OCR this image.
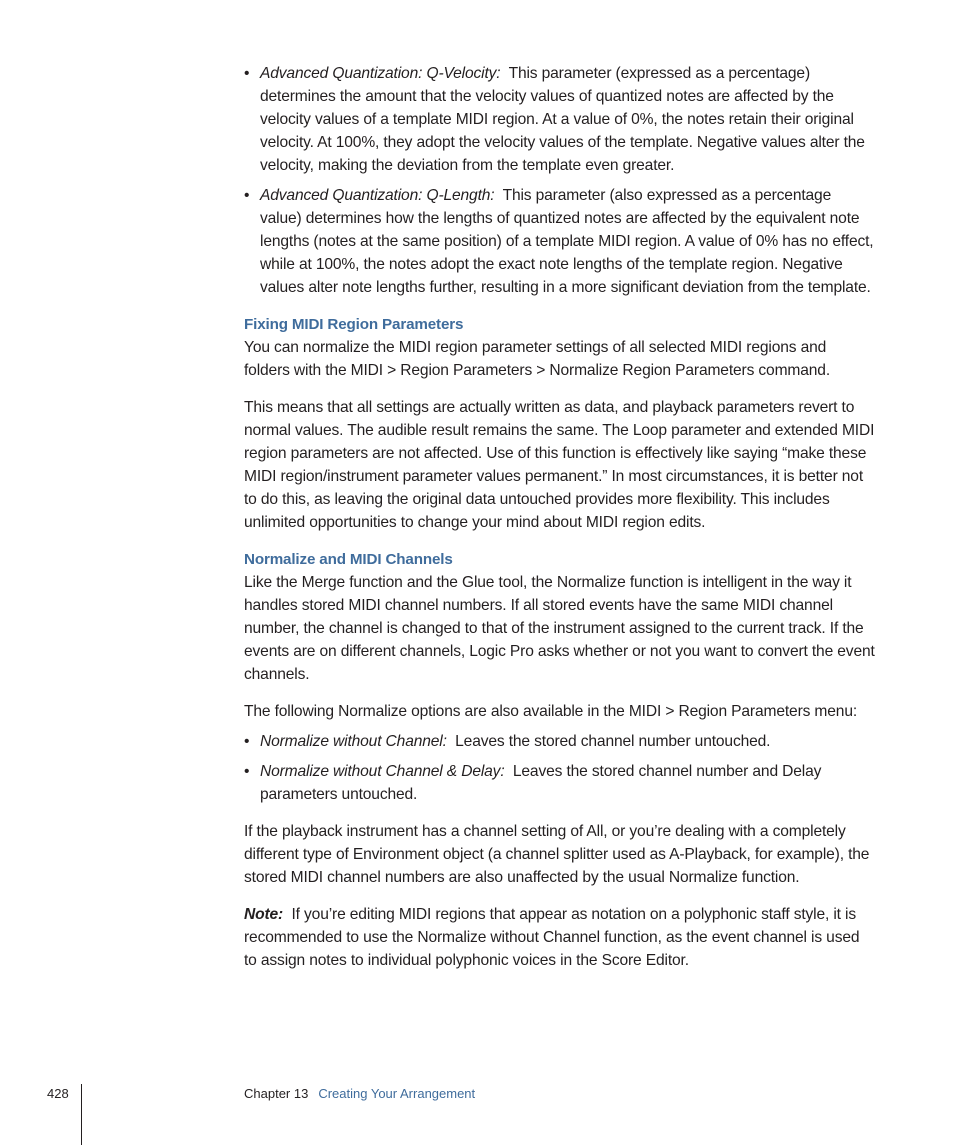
• Advanced Quantization: Q-Velocity: This parameter (expressed as a percentage) determines the amount that the velocity values of quantized notes are affected by the velocity values of a template MIDI region. At a value of 0%, the notes retain their original velocity. At 100%, they adopt the velocity values of the template. Negative values alter the velocity, making the deviation from the template even greater.
• Advanced Quantization: Q-Length: This parameter (also expressed as a percentage value) determines how the lengths of quantized notes are affected by the equivalent note lengths (notes at the same position) of a template MIDI region. A value of 0% has no effect, while at 100%, the notes adopt the exact note lengths of the template region. Negative values alter note lengths further, resulting in a more significant deviation from the template.

Fixing MIDI Region Parameters

You can normalize the MIDI region parameter settings of all selected MIDI regions and folders with the MIDI > Region Parameters > Normalize Region Parameters command.

This means that all settings are actually written as data, and playback parameters revert to normal values. The audible result remains the same. The Loop parameter and extended MIDI region parameters are not affected. Use of this function is effectively like saying “make these MIDI region/instrument parameter values permanent.” In most circumstances, it is better not to do this, as leaving the original data untouched provides more flexibility. This includes unlimited opportunities to change your mind about MIDI region edits.

Normalize and MIDI Channels

Like the Merge function and the Glue tool, the Normalize function is intelligent in the way it handles stored MIDI channel numbers. If all stored events have the same MIDI channel number, the channel is changed to that of the instrument assigned to the current track. If the events are on different channels, Logic Pro asks whether or not you want to convert the event channels.

The following Normalize options are also available in the MIDI > Region Parameters menu:

• Normalize without Channel: Leaves the stored channel number untouched.
• Normalize without Channel & Delay: Leaves the stored channel number and Delay parameters untouched.

If the playback instrument has a channel setting of All, or you’re dealing with a completely different type of Environment object (a channel splitter used as A-Playback, for example), the stored MIDI channel numbers are also unaffected by the usual Normalize function.

Note: If you’re editing MIDI regions that appear as notation on a polyphonic staff style, it is recommended to use the Normalize without Channel function, as the event channel is used to assign notes to individual polyphonic voices in the Score Editor.

428	Chapter 13 Creating Your Arrangement
